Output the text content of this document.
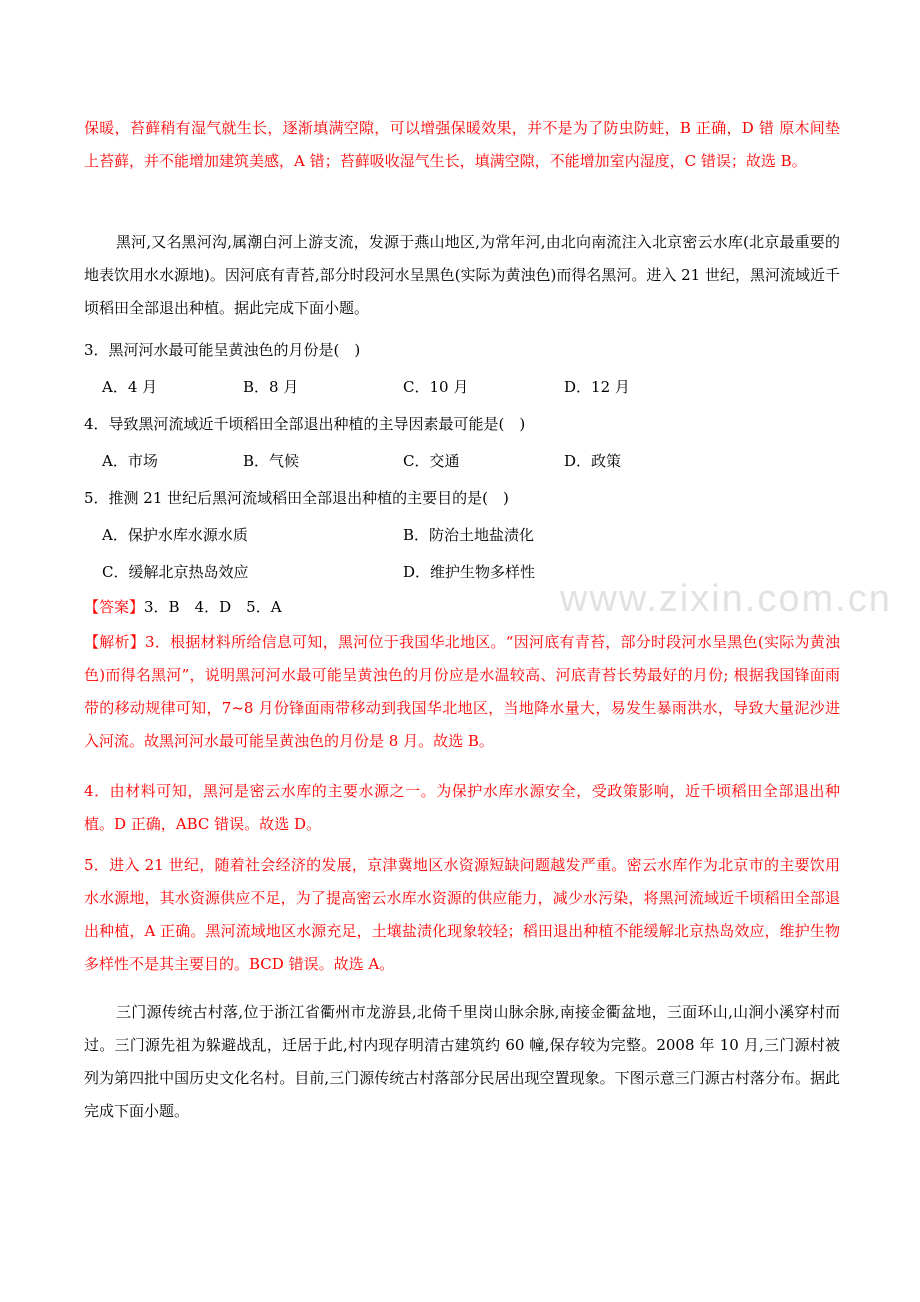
www.zixin.com.cn

保暖，苔藓稍有湿气就生长，逐渐填满空隙，可以增强保暖效果，并不是为了防虫防蛀，B 正确，D 错 原木间垫上苔藓，并不能增加建筑美感，A 错；苔藓吸收湿气生长，填满空隙，不能增加室内湿度，C 错误；故选 B。

黑河,又名黑河沟,属潮白河上游支流，发源于燕山地区,为常年河,由北向南流注入北京密云水库(北京最重要的地表饮用水水源地)。因河底有青苔,部分时段河水呈黑色(实际为黄浊色)而得名黑河。进入 21 世纪，黑河流域近千顷稻田全部退出种植。据此完成下面小题。

3．黑河河水最可能呈黄浊色的月份是(　)

A．4 月	B．8 月	C．10 月	D．12 月

4．导致黑河流域近千顷稻田全部退出种植的主导因素最可能是(　)

A．市场	B．气候	C．交通	D．政策

5．推测 21 世纪后黑河流域稻田全部退出种植的主要目的是(　)

A．保护水库水源水质	B．防治土地盐渍化
C．缓解北京热岛效应	D．维护生物多样性
【答案】3．B　4．D　5．A
【解析】3．根据材料所给信息可知，黑河位于我国华北地区。“因河底有青苔，部分时段河水呈黑色(实际为黄浊色)而得名黑河”，说明黑河河水最可能呈黄浊色的月份应是水温较高、河底青苔长势最好的月份; 根据我国锋面雨带的移动规律可知，7~8 月份锋面雨带移动到我国华北地区，当地降水量大，易发生暴雨洪水，导致大量泥沙进入河流。故黑河河水最可能呈黄浊色的月份是 8 月。故选 B。

4．由材料可知，黑河是密云水库的主要水源之一。为保护水库水源安全，受政策影响，近千顷稻田全部退出种植。D 正确，ABC 错误。故选 D。

5．进入 21 世纪，随着社会经济的发展，京津冀地区水资源短缺问题越发严重。密云水库作为北京市的主要饮用水水源地，其水资源供应不足，为了提高密云水库水资源的供应能力，减少水污染，将黑河流域近千顷稻田全部退出种植，A 正确。黑河流域地区水源充足，土壤盐渍化现象较轻；稻田退出种植不能缓解北京热岛效应，维护生物多样性不是其主要目的。BCD 错误。故选 A。

三门源传统古村落,位于浙江省衢州市龙游县,北倚千里岗山脉余脉,南接金衢盆地，三面环山,山涧小溪穿村而过。三门源先祖为躲避战乱，迁居于此,村内现存明清古建筑约 60 幢,保存较为完整。2008 年 10 月,三门源村被列为第四批中国历史文化名村。目前,三门源传统古村落部分民居出现空置现象。下图示意三门源古村落分布。据此完成下面小题。
